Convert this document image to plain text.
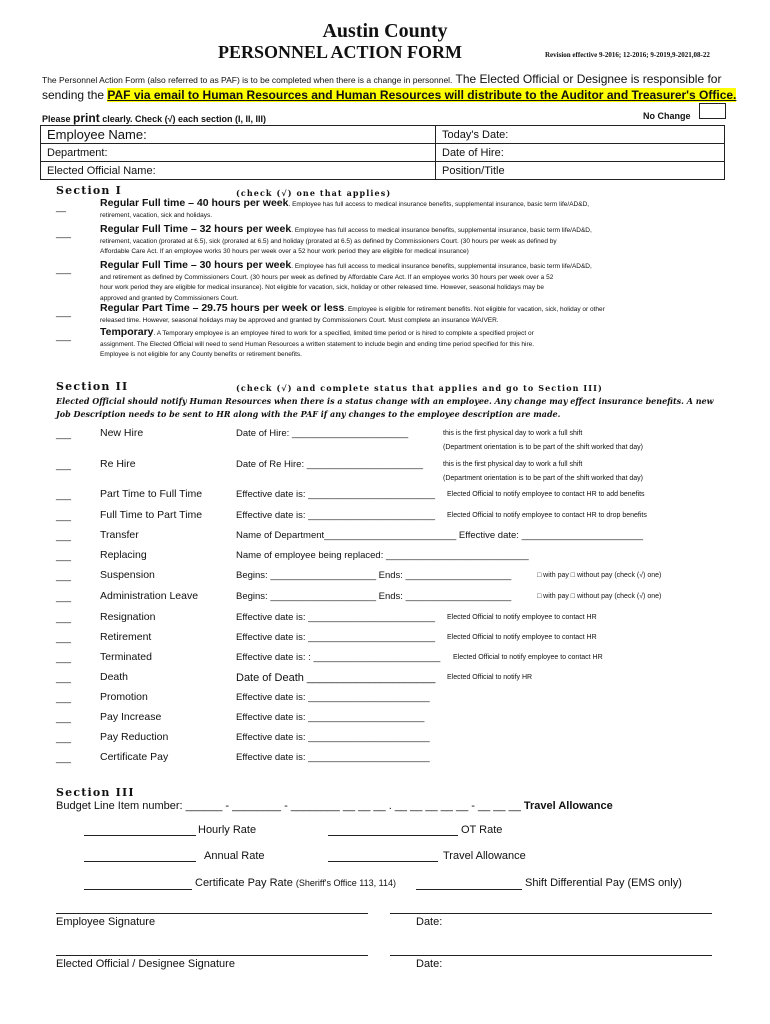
Austin County
PERSONNEL ACTION FORM	Revision effective 9-2016; 12-2016; 9-2019,9-2021,08-22
The Personnel Action Form (also referred to as PAF) is to be completed when there is a change in personnel. The Elected Official or Designee is responsible for
sending the PAF via email to Human Resources and Human Resources will distribute to the Auditor and Treasurer's Office.
Please print clearly. Check (√) each section (I, II, III)	No Change
Employee Name:	Today's Date:
Department:	Date of Hire:
Elected Official Name:	Position/Title
Section I	(check (√) one that applies)
__	Regular Full time – 40 hours per week. Employee has full access to medical insurance benefits, supplemental insurance, basic term life/AD&D,
retirement, vacation, sick and holidays.
___	Regular Full Time – 32 hours per week. Employee has full access to medical insurance benefits, supplemental insurance, basic term life/AD&D,
retirement, vacation (prorated at 6.5), sick (prorated at 6.5) and holiday (prorated at 6.5) as defined by Commissioners Court. (30 hours per week as defined by
Affordable Care Act. If an employee works 30 hours per week over a 52 hour work period they are eligible for medical insurance)
___	Regular Full Time – 30 hours per week. Employee has full access to medical insurance benefits, supplemental insurance, basic term life/AD&D,
and retirement as defined by Commissioners Court. (30 hours per week as defined by Affordable Care Act. If an employee works 30 hours per week over a 52
hour work period they are eligible for medical insurance). Not eligible for vacation, sick, holiday or other released time. However, seasonal holidays may be
approved and granted by Commissioners Court.
___	Regular Part Time – 29.75 hours per week or less. Employee is eligible for retirement benefits. Not eligible for vacation, sick, holiday or other
released time. However, seasonal holidays may be approved and granted by Commissioners Court. Must complete an insurance WAIVER.
___	Temporary. A Temporary employee is an employee hired to work for a specified, limited time period or is hired to complete a specified project or
assignment. The Elected Official will need to send Human Resources a written statement to include begin and ending time period specified for this hire.
Employee is not eligible for any County benefits or retirement benefits.
Section II	(check (√) and complete status that applies and go to Section III)
Elected Official should notify Human Resources when there is a status change with an employee. Any change may effect insurance benefits. A new Job Description needs to be sent to HR along with the PAF if any changes to the employee description are made.
___	New Hire	Date of Hire: ______________________	this is the first physical day to work a full shift
(Department orientation is to be part of the shift worked that day)
___	Re Hire	Date of Re Hire: ______________________	this is the first physical day to work a full shift
(Department orientation is to be part of the shift worked that day)
___	Part Time to Full Time	Effective date is: ________________________ Elected Official to notify employee to contact HR to add benefits
___	Full Time to Part Time	Effective date is: ________________________ Elected Official to notify employee to contact HR to drop benefits
___	Transfer	Name of Department_________________________ Effective date: _______________________
___	Replacing	Name of employee being replaced: ___________________________
___	Suspension	Begins: ____________________ Ends: ____________________	□ with pay □ without pay (check (√) one)
___	Administration Leave	Begins: ____________________ Ends: ____________________	□ with pay □ without pay (check (√) one)
___	Resignation	Effective date is: ________________________ Elected Official to notify employee to contact HR
___	Retirement	Effective date is: ________________________ Elected Official to notify employee to contact HR
___	Terminated	Effective date is: : ________________________ Elected Official to notify employee to contact HR
___	Death	Date of Death _____________________ Elected Official to notify HR
___	Promotion	Effective date is: _______________________
___	Pay Increase	Effective date is: ______________________
___	Pay Reduction	Effective date is: _______________________
___	Certificate Pay	Effective date is: _______________________
Section III
Budget Line Item number: ______ - ________ - ________ __ __ __ . __ __ __ __ __ - __ __ __ Travel Allowance
Hourly Rate	OT Rate
Annual Rate	Travel Allowance
Certificate Pay Rate (Sheriff's Office 113, 114)	Shift Differential Pay (EMS only)
Employee Signature	Date:
Elected Official / Designee Signature	Date:
